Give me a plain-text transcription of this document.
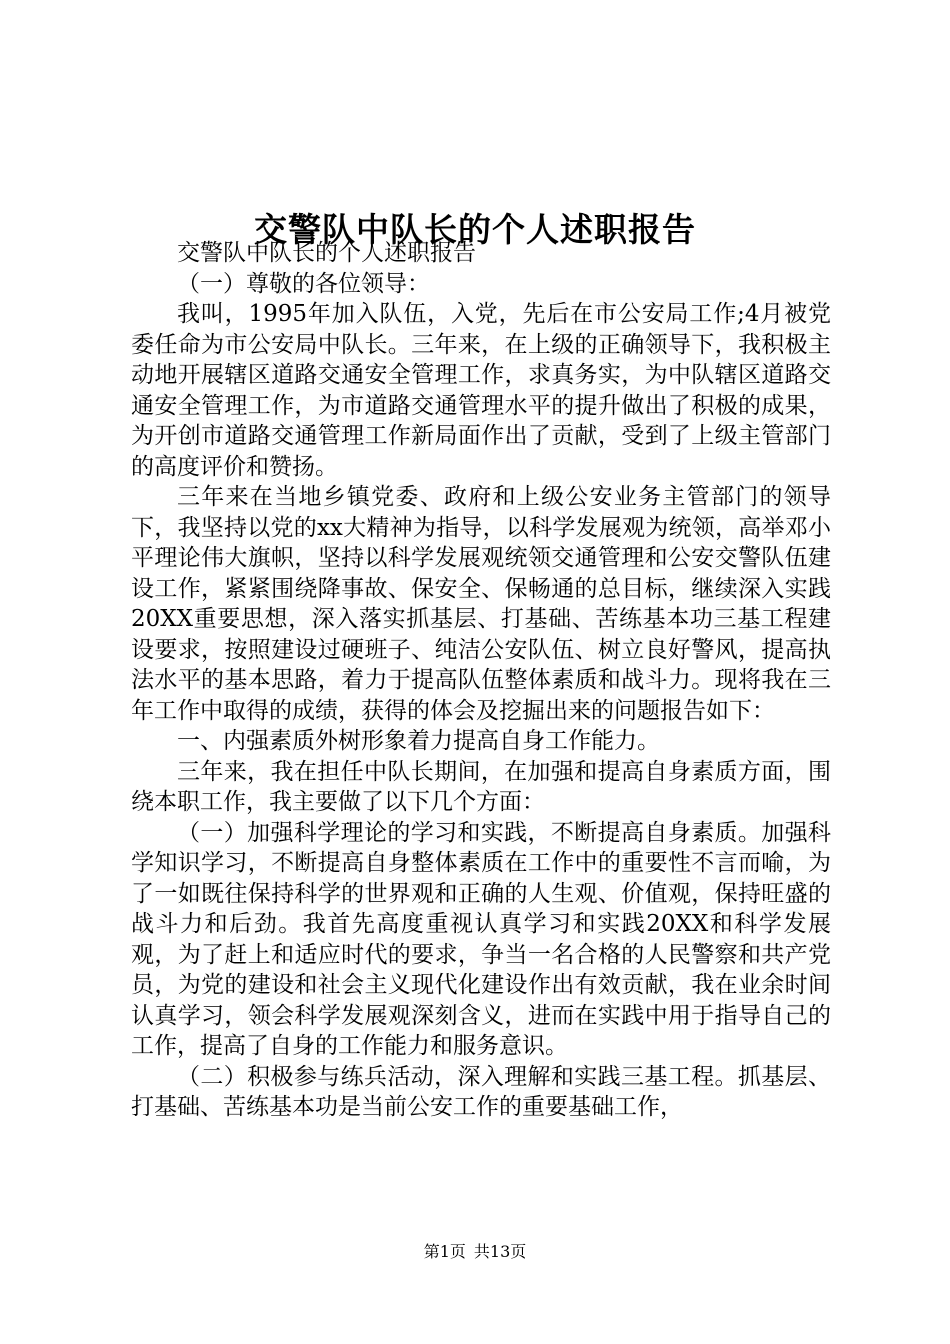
交警队中队长的个人述职报告

交警队中队长的个人述职报告

（一）尊敬的各位领导：

我叫，1995年加入队伍，入党，先后在市公安局工作;4月被党委任命为市公安局中队长。三年来，在上级的正确领导下，我积极主动地开展辖区道路交通安全管理工作，求真务实，为中队辖区道路交通安全管理工作，为市道路交通管理水平的提升做出了积极的成果，为开创市道路交通管理工作新局面作出了贡献，受到了上级主管部门的高度评价和赞扬。

三年来在当地乡镇党委、政府和上级公安业务主管部门的领导下，我坚持以党的xx大精神为指导，以科学发展观为统领，高举邓小平理论伟大旗帜，坚持以科学发展观统领交通管理和公安交警队伍建设工作，紧紧围绕降事故、保安全、保畅通的总目标，继续深入实践20XX重要思想，深入落实抓基层、打基础、苦练基本功三基工程建设要求，按照建设过硬班子、纯洁公安队伍、树立良好警风，提高执法水平的基本思路，着力于提高队伍整体素质和战斗力。现将我在三年工作中取得的成绩，获得的体会及挖掘出来的问题报告如下：

一、内强素质外树形象着力提高自身工作能力。

三年来，我在担任中队长期间，在加强和提高自身素质方面，围绕本职工作，我主要做了以下几个方面：

（一）加强科学理论的学习和实践，不断提高自身素质。加强科学知识学习，不断提高自身整体素质在工作中的重要性不言而喻，为了一如既往保持科学的世界观和正确的人生观、价值观，保持旺盛的战斗力和后劲。我首先高度重视认真学习和实践20XX和科学发展观，为了赶上和适应时代的要求，争当一名合格的人民警察和共产党员，为党的建设和社会主义现代化建设作出有效贡献，我在业余时间认真学习，领会科学发展观深刻含义，进而在实践中用于指导自己的工作，提高了自身的工作能力和服务意识。

（二）积极参与练兵活动，深入理解和实践三基工程。抓基层、打基础、苦练基本功是当前公安工作的重要基础工作，

第1页 共13页
